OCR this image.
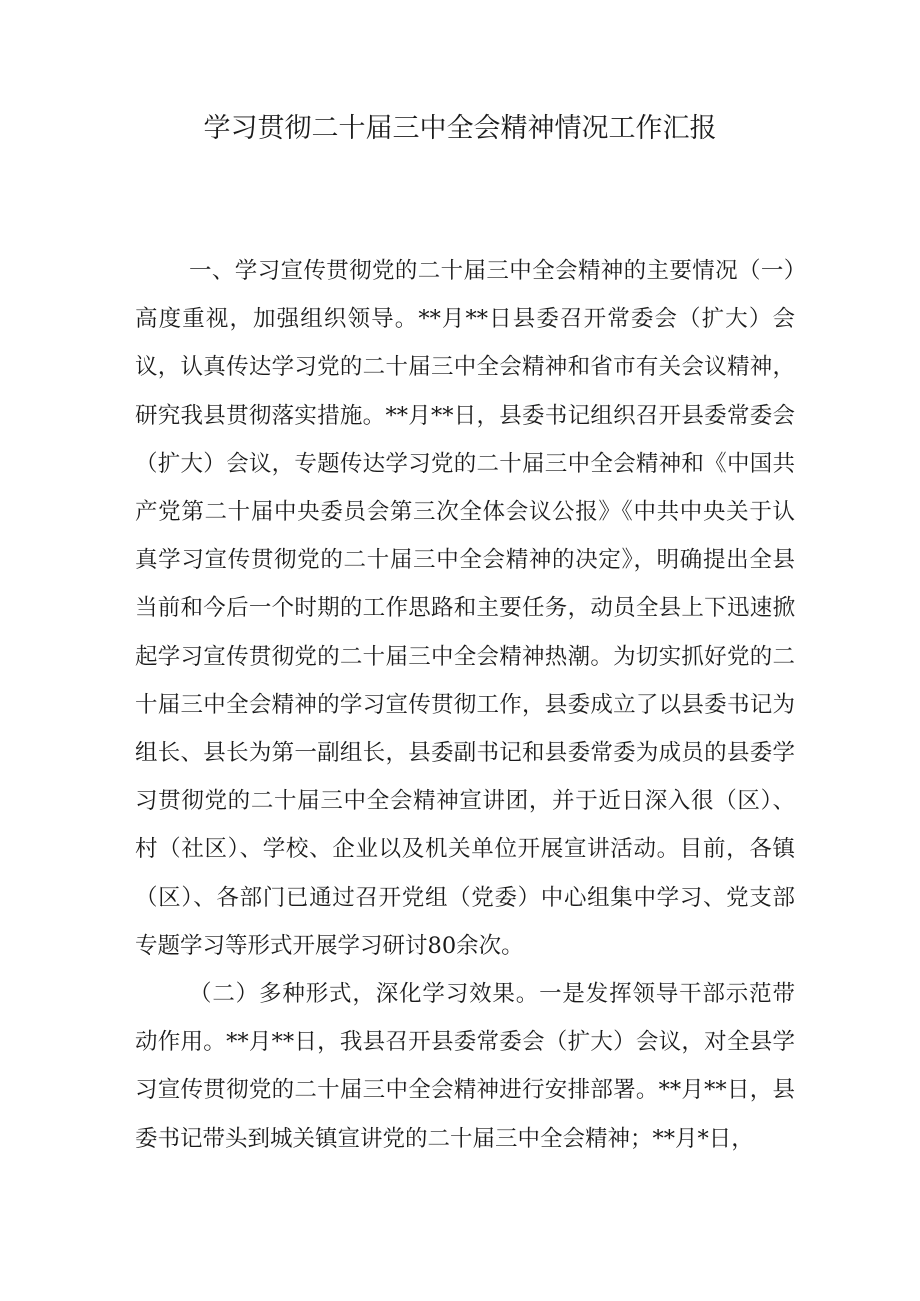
学习贯彻二十届三中全会精神情况工作汇报

一、学习宣传贯彻党的二十届三中全会精神的主要情况（一）高度重视，加强组织领导。**月**日县委召开常委会（扩大）会议，认真传达学习党的二十届三中全会精神和省市有关会议精神，研究我县贯彻落实措施。**月**日，县委书记组织召开县委常委会（扩大）会议，专题传达学习党的二十届三中全会精神和《中国共产党第二十届中央委员会第三次全体会议公报》《中共中央关于认真学习宣传贯彻党的二十届三中全会精神的决定》，明确提出全县当前和今后一个时期的工作思路和主要任务，动员全县上下迅速掀起学习宣传贯彻党的二十届三中全会精神热潮。为切实抓好党的二十届三中全会精神的学习宣传贯彻工作，县委成立了以县委书记为组长、县长为第一副组长，县委副书记和县委常委为成员的县委学习贯彻党的二十届三中全会精神宣讲团，并于近日深入很（区）、村（社区）、学校、企业以及机关单位开展宣讲活动。目前，各镇（区）、各部门已通过召开党组（党委）中心组集中学习、党支部专题学习等形式开展学习研讨80余次。

（二）多种形式，深化学习效果。一是发挥领导干部示范带动作用。**月**日，我县召开县委常委会（扩大）会议，对全县学习宣传贯彻党的二十届三中全会精神进行安排部署。**月**日，县委书记带头到城关镇宣讲党的二十届三中全会精神；**月*日，
